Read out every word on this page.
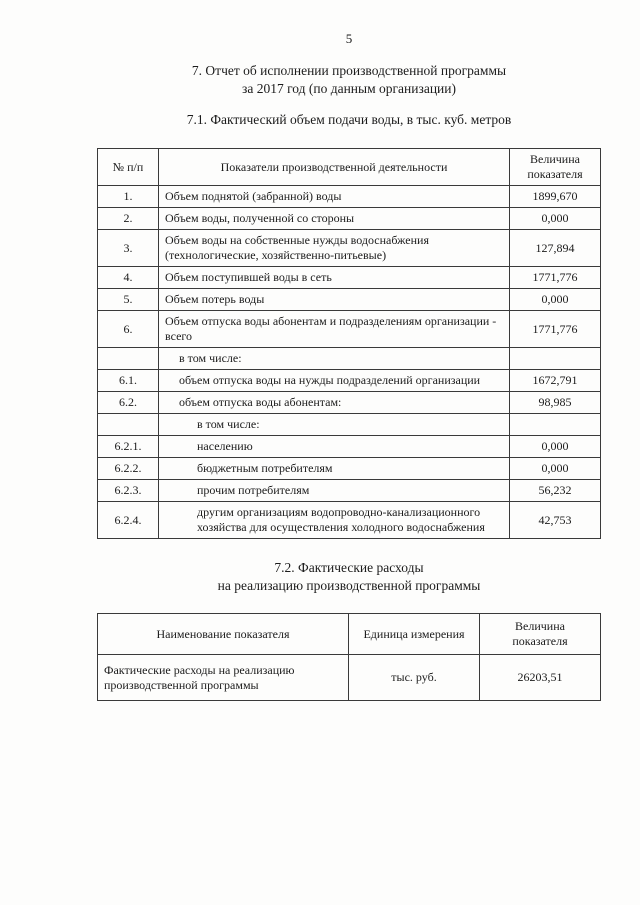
5
7. Отчет об исполнении производственной программы
за 2017 год (по данным организации)
7.1. Фактический объем подачи воды, в тыс. куб. метров
№ п/п	Показатели производственной деятельности	Величина показателя
1.	Объем поднятой (забранной) воды	1899,670
2.	Объем воды, полученной со стороны	0,000
3.	Объем воды на собственные нужды водоснабжения (технологические, хозяйственно-питьевые)	127,894
4.	Объем поступившей воды в сеть	1771,776
5.	Объем потерь воды	0,000
6.	Объем отпуска воды абонентам и подразделениям организации - всего	1771,776
	в том числе:	
6.1.	объем отпуска воды на нужды подразделений организации	1672,791
6.2.	объем отпуска воды абонентам:	98,985
	в том числе:	
6.2.1.	населению	0,000
6.2.2.	бюджетным потребителям	0,000
6.2.3.	прочим потребителям	56,232
6.2.4.	другим организациям водопроводно-канализационного хозяйства для осуществления холодного водоснабжения	42,753
7.2. Фактические расходы
на реализацию производственной программы
Наименование показателя	Единица измерения	Величина показателя
Фактические расходы на реализацию производственной программы	тыс. руб.	26203,51
